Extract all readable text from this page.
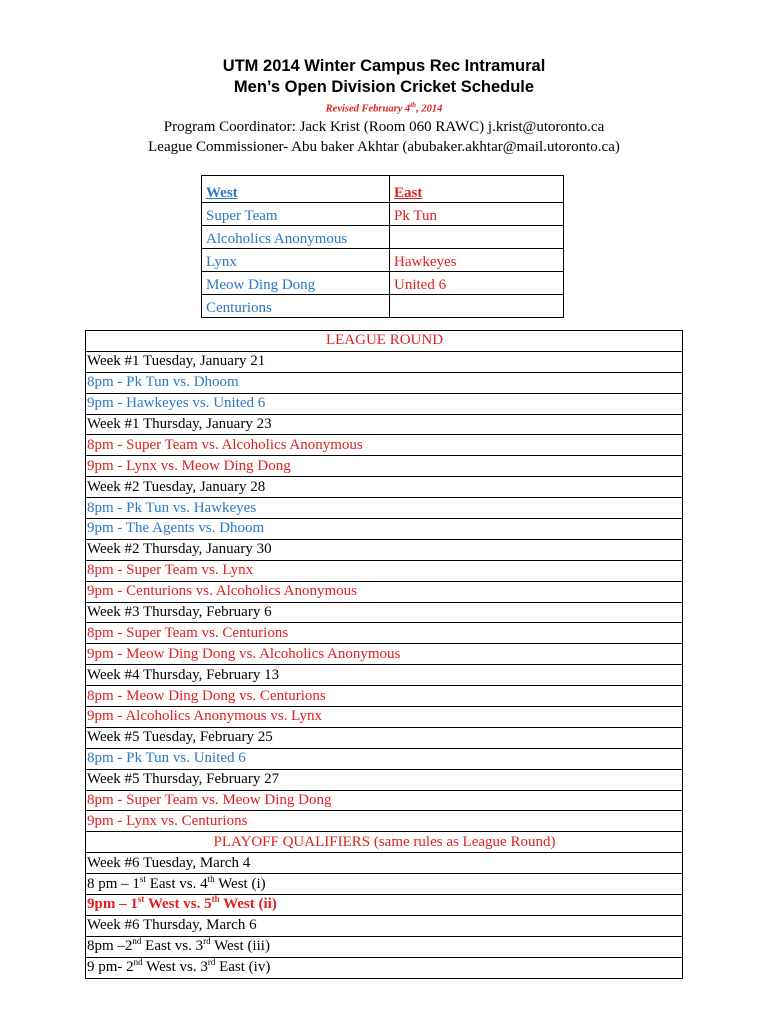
UTM 2014 Winter Campus Rec Intramural
Men’s Open Division Cricket Schedule
Revised February 4th, 2014
Program Coordinator: Jack Krist (Room 060 RAWC) j.krist@utoronto.ca
League Commissioner- Abu baker Akhtar (abubaker.akhtar@mail.utoronto.ca)
West	East
Super Team	Pk Tun
Alcoholics Anonymous	
Lynx	Hawkeyes
Meow Ding Dong	United 6
Centurions	
LEAGUE ROUND
Week #1 Tuesday, January 21
8pm - Pk Tun vs. Dhoom
9pm - Hawkeyes vs. United 6
Week #1 Thursday, January 23
8pm - Super Team vs. Alcoholics Anonymous
9pm - Lynx vs. Meow Ding Dong
Week #2 Tuesday, January 28
8pm - Pk Tun vs. Hawkeyes
9pm - The Agents vs. Dhoom
Week #2 Thursday, January 30
8pm - Super Team vs. Lynx
9pm - Centurions vs. Alcoholics Anonymous
Week #3 Thursday, February 6
8pm - Super Team vs. Centurions
9pm - Meow Ding Dong vs. Alcoholics Anonymous
Week #4 Thursday, February 13
8pm - Meow Ding Dong vs. Centurions
9pm - Alcoholics Anonymous vs. Lynx
Week #5 Tuesday, February 25
8pm - Pk Tun vs. United 6
Week #5 Thursday, February 27
8pm - Super Team vs. Meow Ding Dong
9pm - Lynx vs. Centurions
PLAYOFF QUALIFIERS (same rules as League Round)
Week #6 Tuesday, March 4
8 pm – 1st East vs. 4th West (i)
9pm – 1st West vs. 5th West (ii)
Week #6 Thursday, March 6
8pm –2nd East vs. 3rd West (iii)
9 pm- 2nd West vs. 3rd East (iv)
